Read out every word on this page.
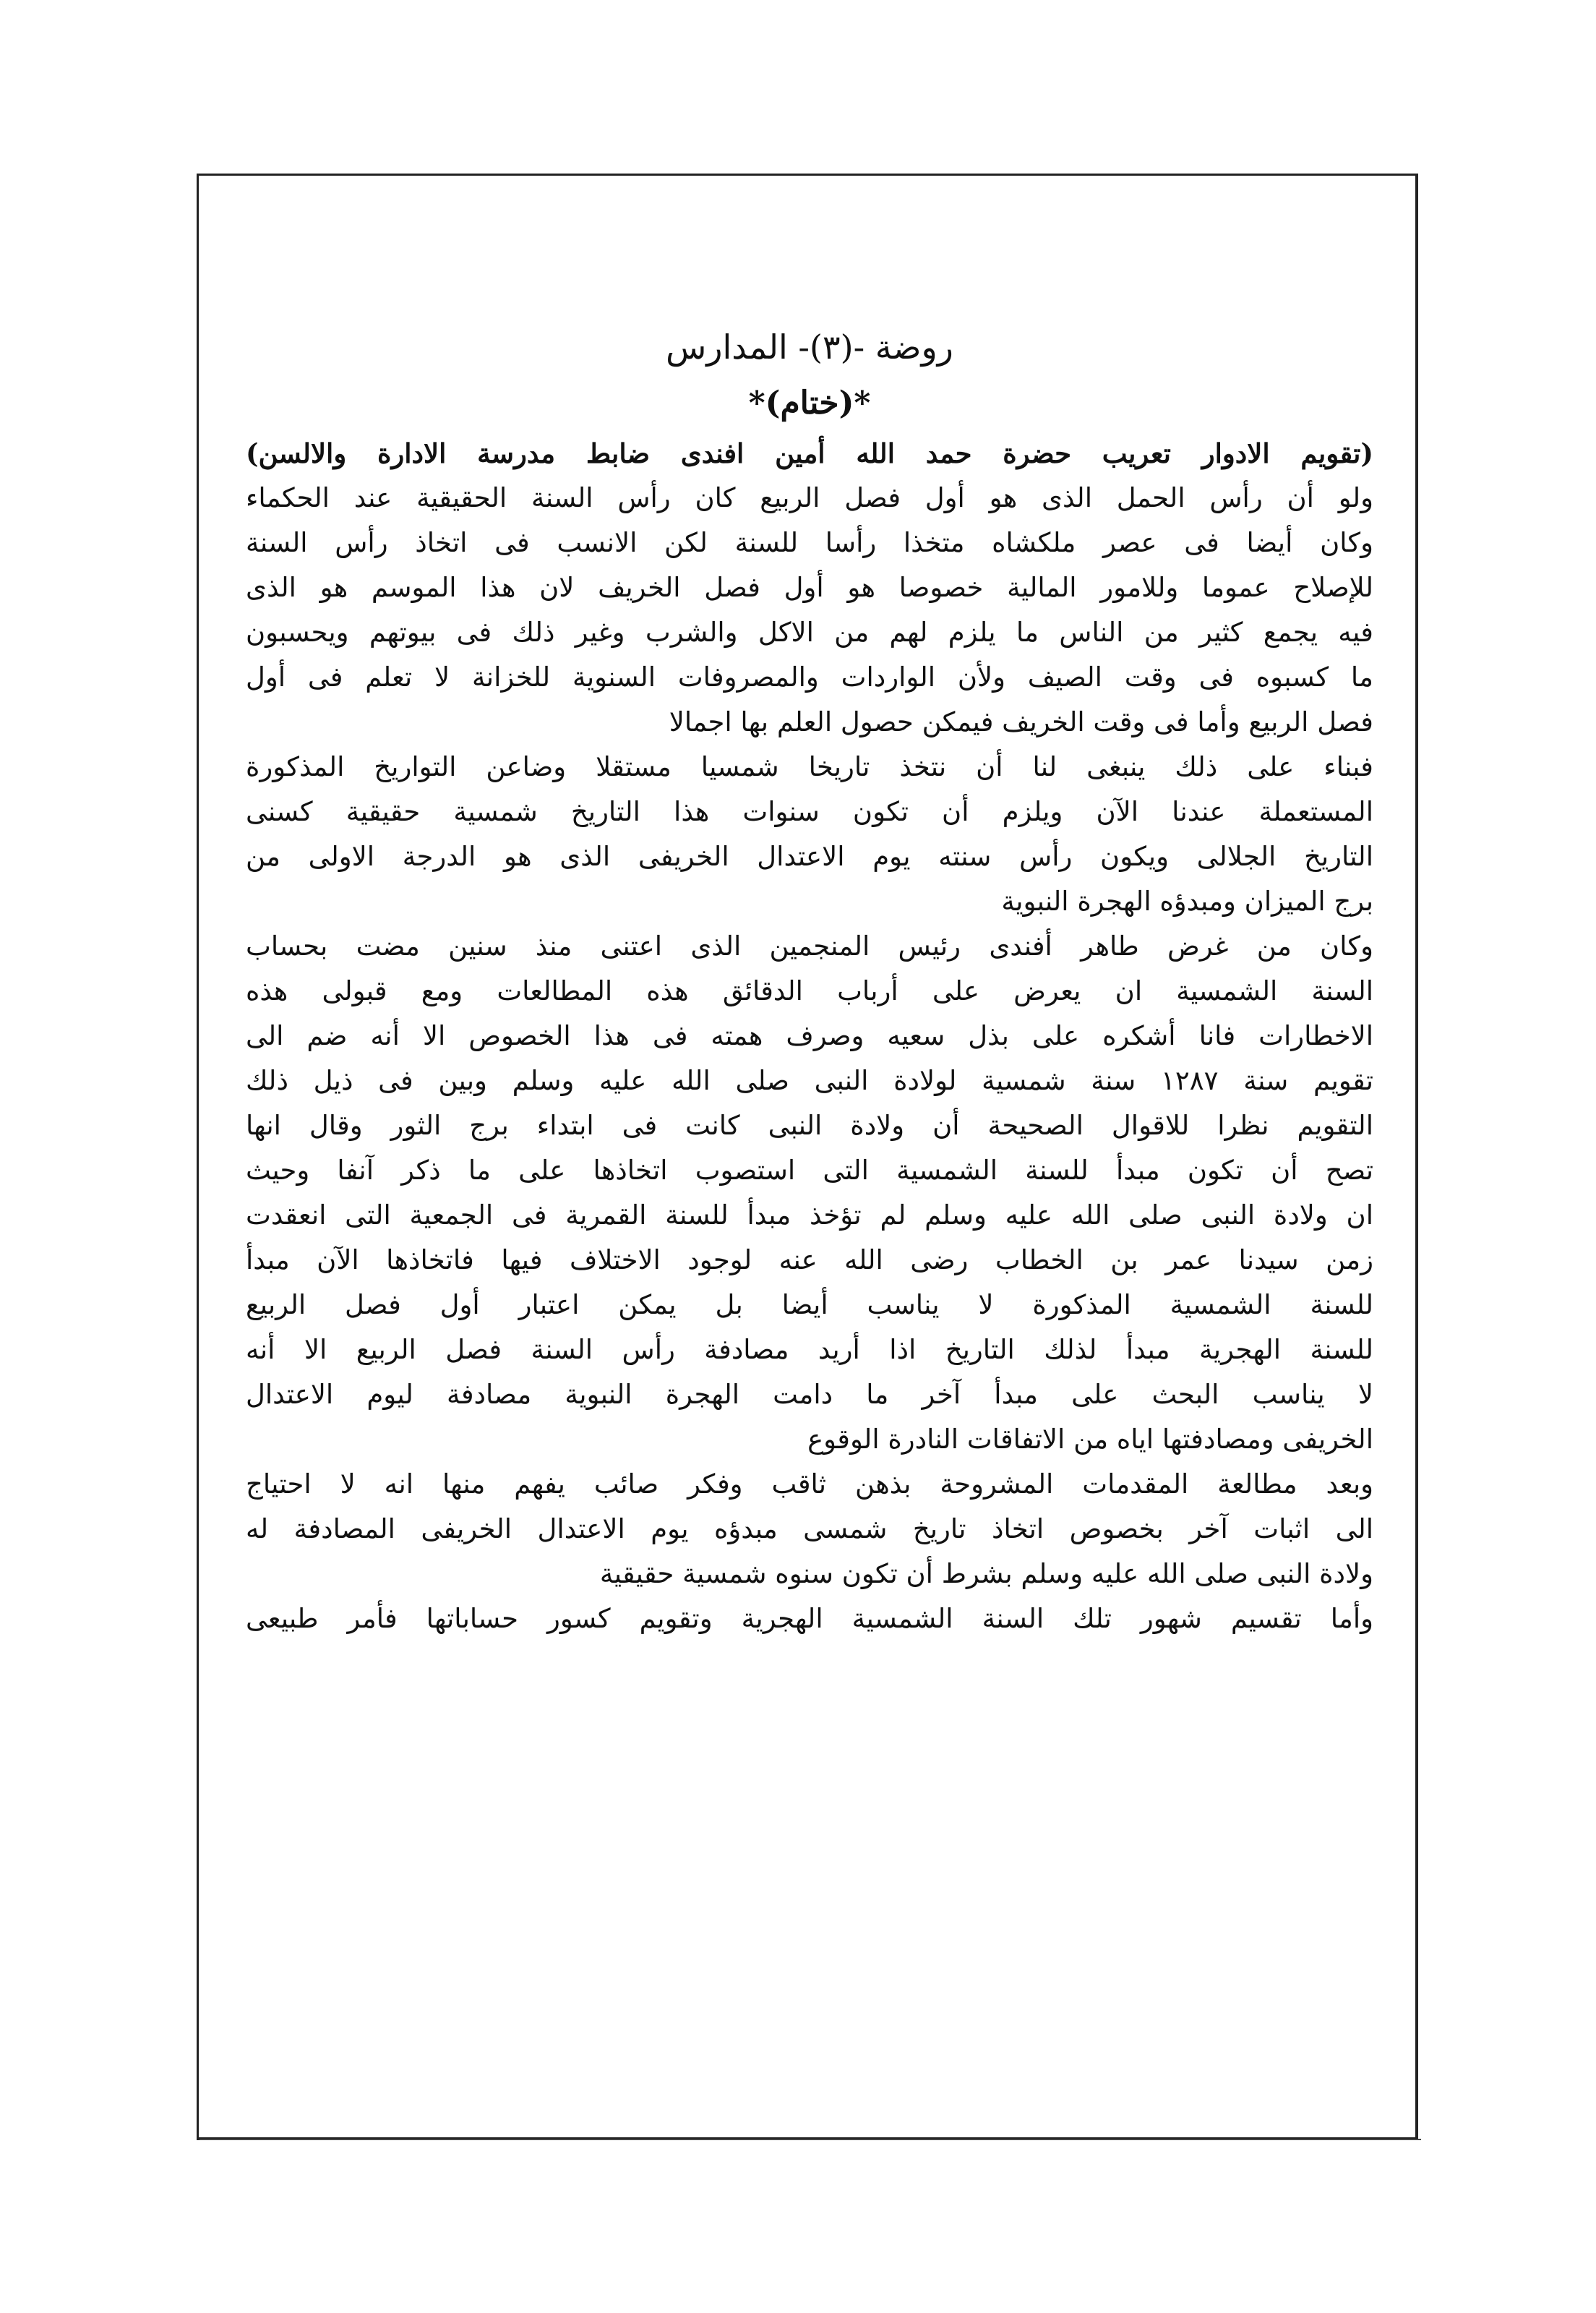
روضة -(٣)- المدارس
*(ختام)*
(تقويم الادوار تعريب حضرة حمد الله أمين افندى ضابط مدرسة الادارة والالسن)
ولو أن رأس الحمل الذى هو أول فصل الربيع كان رأس السنة الحقيقية عند الحكماء
وكان أيضا فى عصر ملكشاه متخذا رأسا للسنة لكن الانسب فى اتخاذ رأس السنة
للإصلاح عموما وللامور المالية خصوصا هو أول فصل الخريف لان هذا الموسم هو الذى
فيه يجمع كثير من الناس ما يلزم لهم من الاكل والشرب وغير ذلك فى بيوتهم ويحسبون
ما كسبوه فى وقت الصيف ولأن الواردات والمصروفات السنوية للخزانة لا تعلم فى أول
فصل الربيع وأما فى وقت الخريف فيمكن حصول العلم بها اجمالا
فبناء على ذلك ينبغى لنا أن نتخذ تاريخا شمسيا مستقلا وضاعن التواريخ المذكورة
المستعملة عندنا الآن ويلزم أن تكون سنوات هذا التاريخ شمسية حقيقية كسنى
التاريخ الجلالى ويكون رأس سنته يوم الاعتدال الخريفى الذى هو الدرجة الاولى من
برج الميزان ومبدؤه الهجرة النبوية
وكان من غرض طاهر أفندى رئيس المنجمين الذى اعتنى منذ سنين مضت بحساب
السنة الشمسية ان يعرض على أرباب الدقائق هذه المطالعات ومع قبولى هذه
الاخطارات فانا أشكره على بذل سعيه وصرف همته فى هذا الخصوص الا أنه ضم الى
تقويم سنة ١٢٨٧ سنة شمسية لولادة النبى صلى الله عليه وسلم وبين فى ذيل ذلك
التقويم نظرا للاقوال الصحيحة أن ولادة النبى كانت فى ابتداء برج الثور وقال انها
تصح أن تكون مبدأ للسنة الشمسية التى استصوب اتخاذها على ما ذكر آنفا وحيث
ان ولادة النبى صلى الله عليه وسلم لم تؤخذ مبدأ للسنة القمرية فى الجمعية التى انعقدت
زمن سيدنا عمر بن الخطاب رضى الله عنه لوجود الاختلاف فيها فاتخاذها الآن مبدأ
للسنة الشمسية المذكورة لا يناسب أيضا بل يمكن اعتبار أول فصل الربيع
للسنة الهجرية مبدأ لذلك التاريخ اذا أريد مصادفة رأس السنة فصل الربيع الا أنه
لا يناسب البحث على مبدأ آخر ما دامت الهجرة النبوية مصادفة ليوم الاعتدال
الخريفى ومصادفتها اياه من الاتفاقات النادرة الوقوع
وبعد مطالعة المقدمات المشروحة بذهن ثاقب وفكر صائب يفهم منها انه لا احتياج
الى اثبات آخر بخصوص اتخاذ تاريخ شمسى مبدؤه يوم الاعتدال الخريفى المصادفة له
ولادة النبى صلى الله عليه وسلم بشرط أن تكون سنوه شمسية حقيقية
وأما تقسيم شهور تلك السنة الشمسية الهجرية وتقويم كسور حساباتها فأمر طبيعى
